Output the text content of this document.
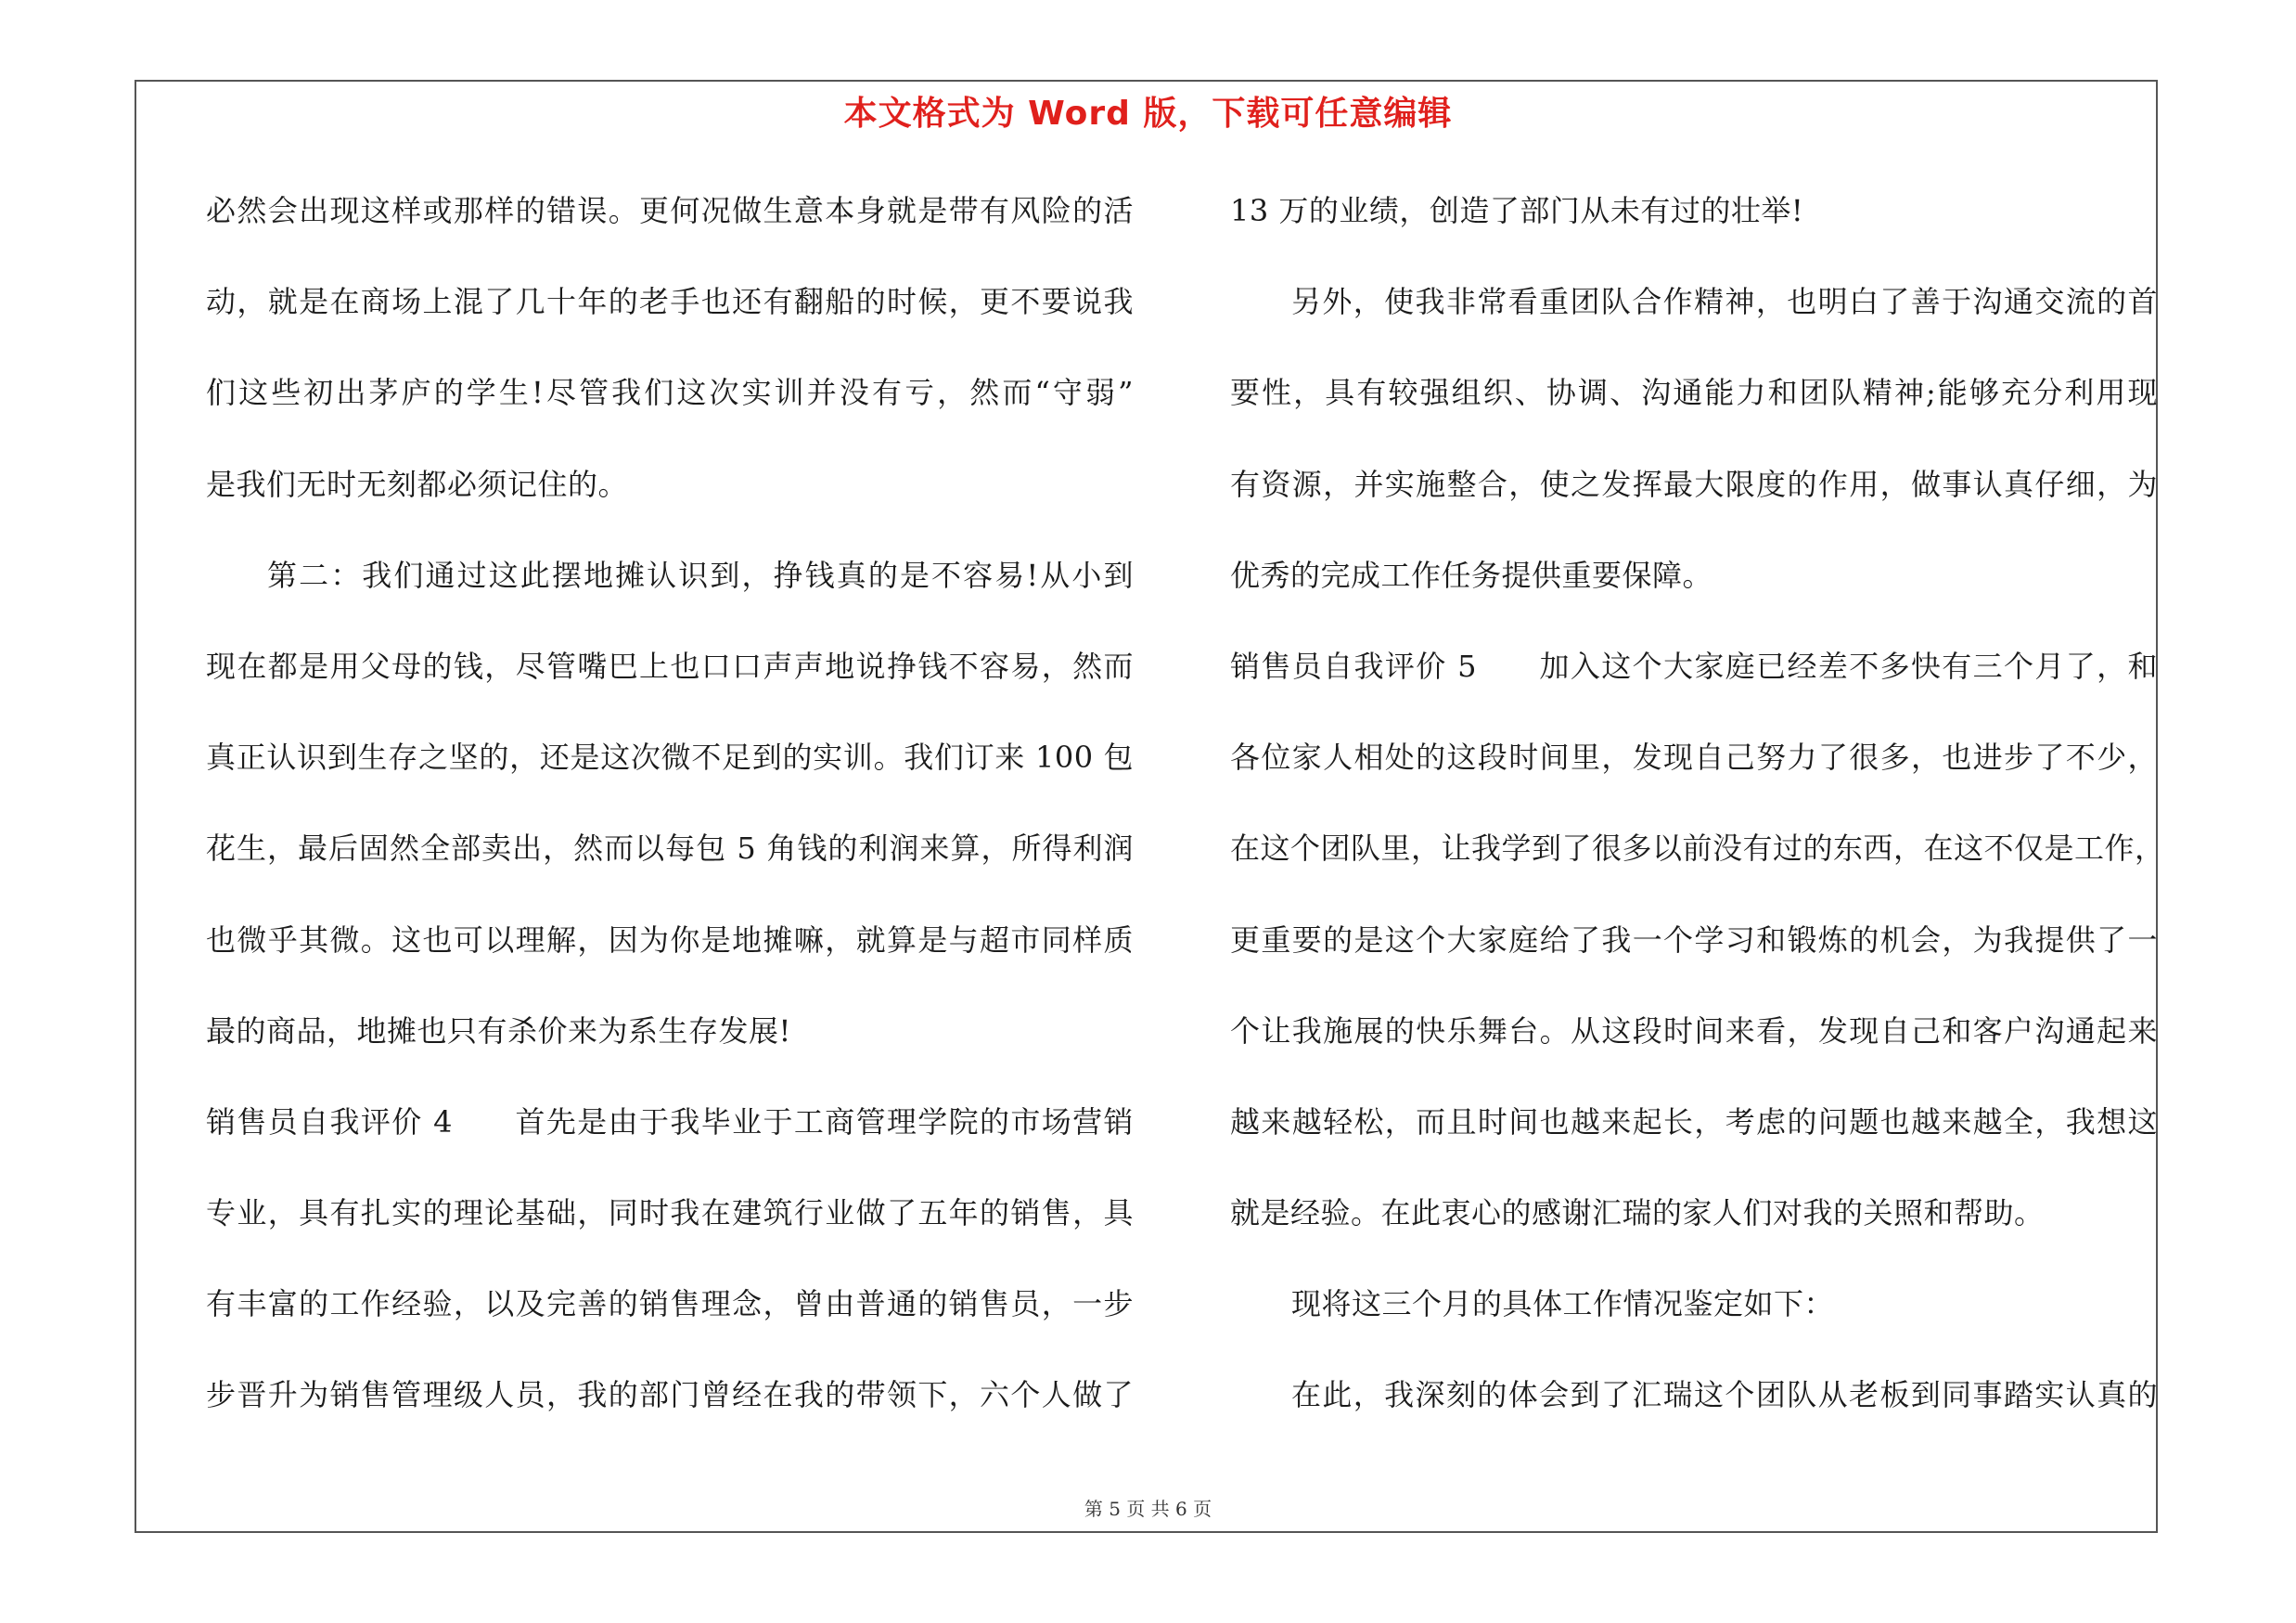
本文格式为 Word 版，下载可任意编辑
必然会出现这样或那样的错误。更何况做生意本身就是带有风险的活
动，就是在商场上混了几十年的老手也还有翻船的时候，更不要说我
们这些初出茅庐的学生!尽管我们这次实训并没有亏，然而“守弱”
是我们无时无刻都必须记住的。
第二：我们通过这此摆地摊认识到，挣钱真的是不容易!从小到
现在都是用父母的钱，尽管嘴巴上也口口声声地说挣钱不容易，然而
真正认识到生存之坚的，还是这次微不足到的实训。我们订来 100 包
花生，最后固然全部卖出，然而以每包 5 角钱的利润来算，所得利润
也微乎其微。这也可以理解，因为你是地摊嘛，就算是与超市同样质
最的商品，地摊也只有杀价来为系生存发展!
销售员自我评价 4　　首先是由于我毕业于工商管理学院的市场营销
专业，具有扎实的理论基础，同时我在建筑行业做了五年的销售，具
有丰富的工作经验，以及完善的销售理念，曾由普通的销售员，一步
步晋升为销售管理级人员，我的部门曾经在我的带领下，六个人做了
13 万的业绩，创造了部门从未有过的壮举!
另外，使我非常看重团队合作精神，也明白了善于沟通交流的首
要性，具有较强组织、协调、沟通能力和团队精神;能够充分利用现
有资源，并实施整合，使之发挥最大限度的作用，做事认真仔细，为
优秀的完成工作任务提供重要保障。
销售员自我评价 5　　加入这个大家庭已经差不多快有三个月了，和
各位家人相处的这段时间里，发现自己努力了很多，也进步了不少，
在这个团队里，让我学到了很多以前没有过的东西，在这不仅是工作，
更重要的是这个大家庭给了我一个学习和锻炼的机会，为我提供了一
个让我施展的快乐舞台。从这段时间来看，发现自己和客户沟通起来
越来越轻松，而且时间也越来起长，考虑的问题也越来越全，我想这
就是经验。在此衷心的感谢汇瑞的家人们对我的关照和帮助。
现将这三个月的具体工作情况鉴定如下：
在此，我深刻的体会到了汇瑞这个团队从老板到同事踏实认真的
第 5 页 共 6 页
